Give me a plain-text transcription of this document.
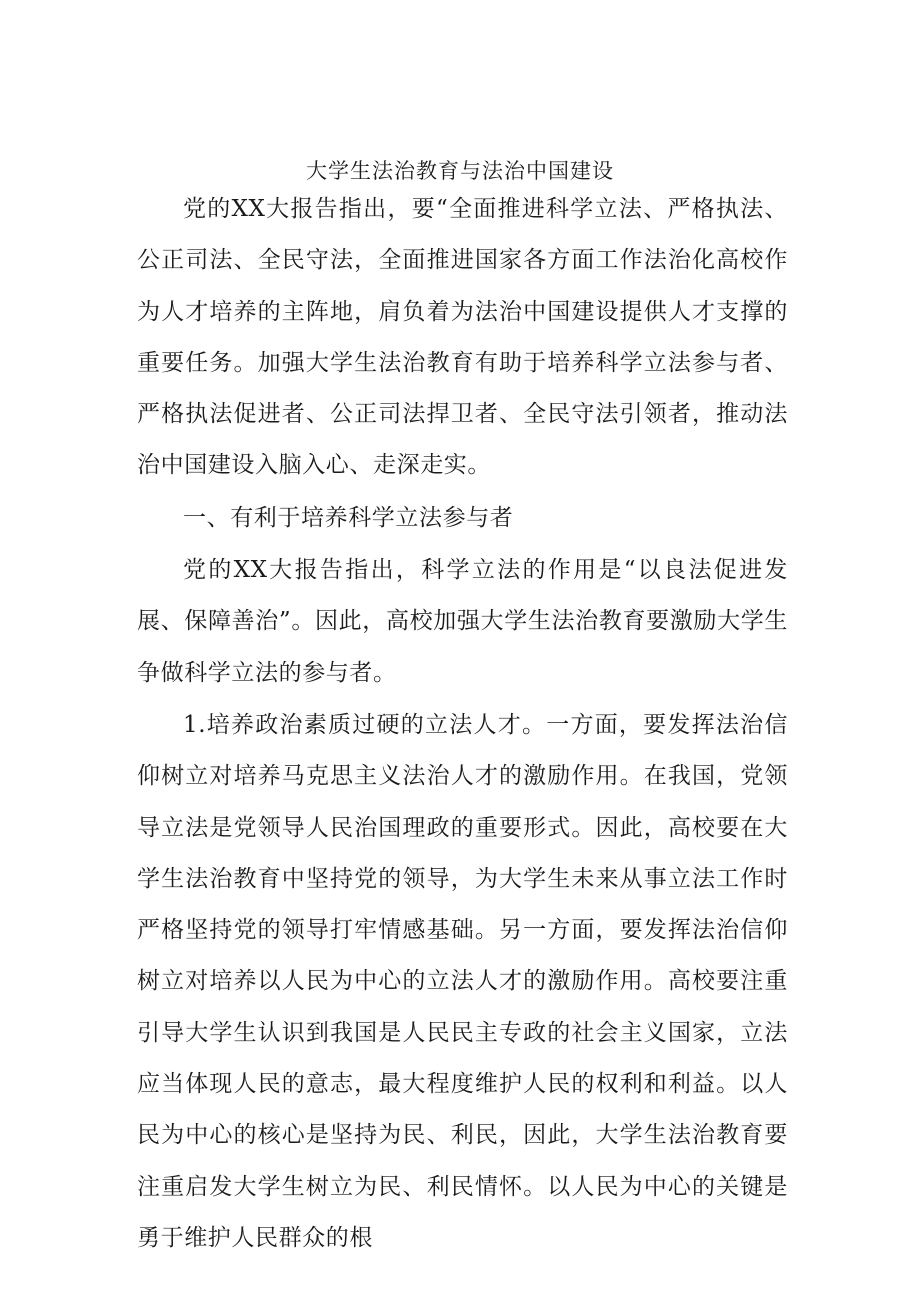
大学生法治教育与法治中国建设

党的XX大报告指出，要“全面推进科学立法、严格执法、公正司法、全民守法，全面推进国家各方面工作法治化高校作为人才培养的主阵地，肩负着为法治中国建设提供人才支撑的重要任务。加强大学生法治教育有助于培养科学立法参与者、严格执法促进者、公正司法捍卫者、全民守法引领者，推动法治中国建设入脑入心、走深走实。

一、有利于培养科学立法参与者

党的XX大报告指出，科学立法的作用是“以良法促进发展、保障善治”。因此，高校加强大学生法治教育要激励大学生争做科学立法的参与者。

1.培养政治素质过硬的立法人才。一方面，要发挥法治信仰树立对培养马克思主义法治人才的激励作用。在我国，党领导立法是党领导人民治国理政的重要形式。因此，高校要在大学生法治教育中坚持党的领导，为大学生未来从事立法工作时严格坚持党的领导打牢情感基础。另一方面，要发挥法治信仰树立对培养以人民为中心的立法人才的激励作用。高校要注重引导大学生认识到我国是人民民主专政的社会主义国家，立法应当体现人民的意志，最大程度维护人民的权利和利益。以人民为中心的核心是坚持为民、利民，因此，大学生法治教育要注重启发大学生树立为民、利民情怀。以人民为中心的关键是勇于维护人民群众的根
